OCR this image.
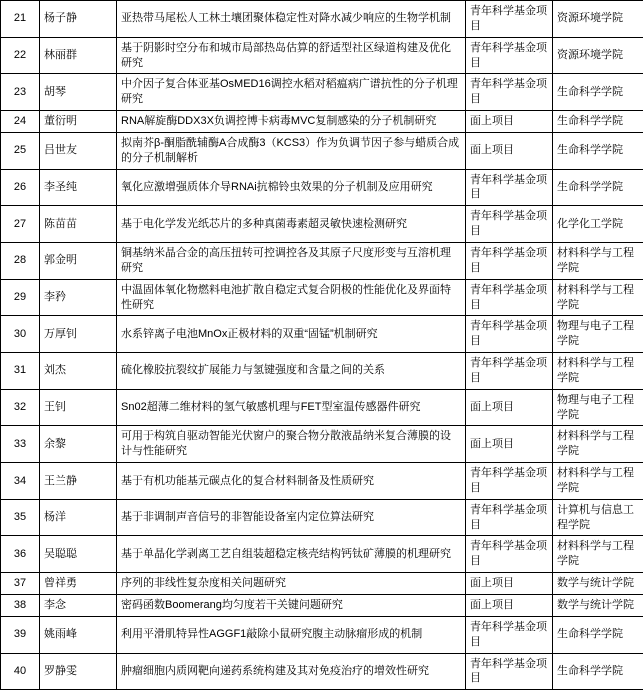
21	杨子静	亚热带马尾松人工林土壤团聚体稳定性对降水减少响应的生物学机制	青年科学基金项目	资源环境学院
22	林丽群	基于阴影时空分布和城市局部热岛估算的舒适型社区绿道构建及优化研究	青年科学基金项目	资源环境学院
23	胡琴	中介因子复合体亚基OsMED16调控水稻对稻瘟病广谱抗性的分子机理研究	青年科学基金项目	生命科学学院
24	董衍明	RNA解旋酶DDX3X负调控博卡病毒MVC复制感染的分子机制研究	面上项目	生命科学学院
25	吕世友	拟南芥β-酮脂酰辅酶A合成酶3（KCS3）作为负调节因子参与蜡质合成的分子机制解析	面上项目	生命科学学院
26	李圣纯	氧化应激增强质体介导RNAi抗棉铃虫效果的分子机制及应用研究	青年科学基金项目	生命科学学院
27	陈苗苗	基于电化学发光纸芯片的多种真菌毒素超灵敏快速检测研究	青年科学基金项目	化学化工学院
28	郭金明	铜基纳米晶合金的高压扭转可控调控各及其原子尺度形变与互溶机理研究	青年科学基金项目	材料科学与工程学院
29	李矜	中温固体氧化物燃料电池扩散自稳定式复合阴极的性能优化及界面特性研究	青年科学基金项目	材料科学与工程学院
30	万厚钊	水系锌离子电池MnOx正极材料的双重“固锰”机制研究	青年科学基金项目	物理与电子工程学院
31	刘杰	硫化橡胶抗裂纹扩展能力与氢键强度和含量之间的关系	青年科学基金项目	材料科学与工程学院
32	王钊	Sn02超薄二维材料的氢气敏感机理与FET型室温传感器件研究	面上项目	物理与电子工程学院
33	余黎	可用于构筑自驱动智能光伏窗户的聚合物分散液晶纳米复合薄膜的设计与性能研究	面上项目	材料科学与工程学院
34	王兰静	基于有机功能基元碳点化的复合材料制备及性质研究	青年科学基金项目	材料科学与工程学院
35	杨洋	基于非调制声音信号的非智能设备室内定位算法研究	青年科学基金项目	计算机与信息工程学院
36	吴聪聪	基于单晶化学剥离工艺自组装超稳定核壳结构钙钛矿薄膜的机理研究	青年科学基金项目	材料科学与工程学院
37	曾祥勇	序列的非线性复杂度相关问题研究	面上项目	数学与统计学院
38	李念	密码函数Boomerang均匀度若干关键问题研究	面上项目	数学与统计学院
39	姚雨峰	利用平滑肌特异性AGGF1敲除小鼠研究腹主动脉瘤形成的机制	青年科学基金项目	生命科学学院
40	罗静雯	肿瘤细胞内质网靶向递药系统构建及其对免疫治疗的增效性研究	青年科学基金项目	生命科学学院
